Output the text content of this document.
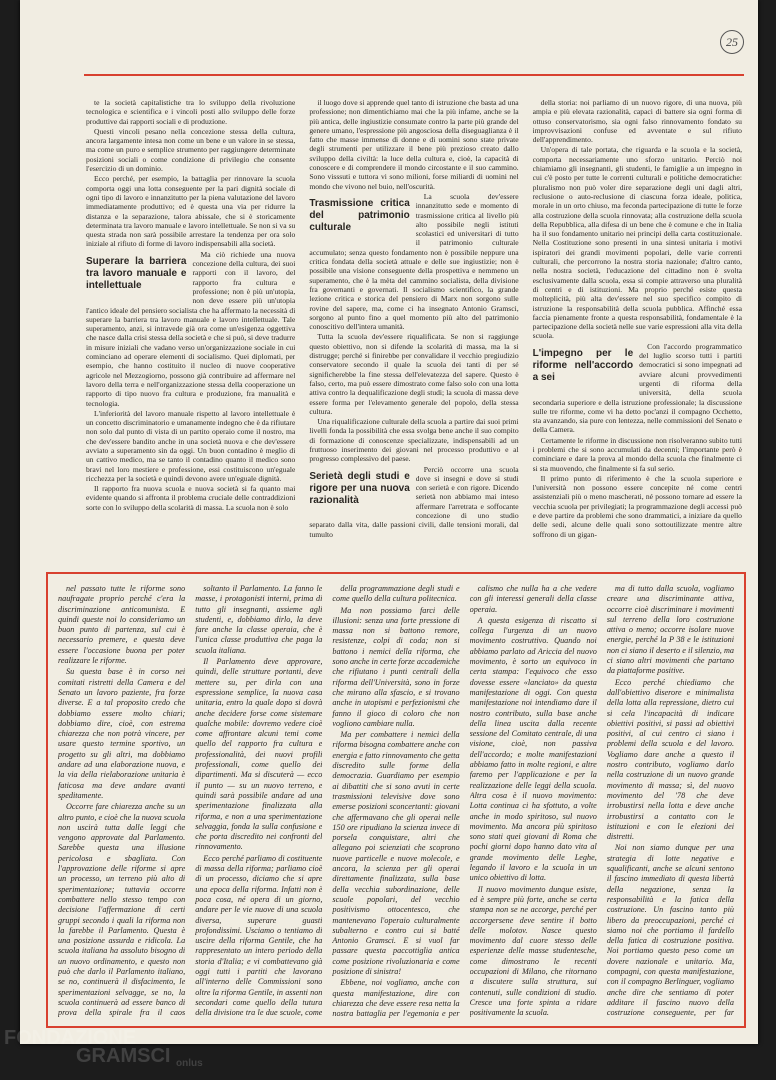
25

te la società capitalistiche tra lo sviluppo della rivoluzione tecnologica e scientifica e i vincoli posti allo sviluppo delle forze produttive dai rapporti sociali e di produzione.

Questi vincoli pesano nella concezione stessa della cultura, ancora largamente intesa non come un bene e un valore in se stessa, ma come un puro e semplice strumento per raggiungere determinate posizioni sociali o come condizione di privilegio che consente l'esercizio di un dominio.

Ecco perché, per esempio, la battaglia per rinnovare la scuola comporta oggi una lotta conseguente per la pari dignità sociale di ogni tipo di lavoro e innanzitutto per la piena valutazione del lavoro immediatamente produttivo; ed è questa una via per ridurre la distanza e la separazione, talora abissale, che si è storicamente determinata tra lavoro manuale e lavoro intellettuale. Se non si va su questa strada non sarà possibile arrestare la tendenza per ora solo iniziale al rifiuto di forme di lavoro indispensabili alla società.

Superare la barriera tra lavoro manuale e intellettuale

Ma ciò richiede una nuova concezione della cultura, dei suoi rapporti con il lavoro, del rapporto fra cultura e professione; non è più un'utopia, non deve essere più un'utopia l'antico ideale del pensiero socialista che ha affermato la necessità di superare la barriera tra lavoro manuale e lavoro intellettuale. Tale superamento, anzi, si intravede già ora come un'esigenza oggettiva che nasce dalla crisi stessa della società e che si può, si deve tradurre in misure iniziali che vadano verso un'organizzazione sociale in cui cominciano ad operare elementi di socialismo. Quei diplomati, per esempio, che hanno costituito il nucleo di nuove cooperative agricole nel Mezzogiorno, possono già contribuire ad affermare nel lavoro della terra e nell'organizzazione stessa della cooperazione un rapporto di tipo nuovo fra cultura e produzione, fra manualità e tecnologia.

L'inferiorità del lavoro manuale rispetto al lavoro intellettuale è un concetto discriminatorio e umanamente indegno che è da rifiutare non solo dal punto di vista di un partito operaio come il nostro, ma che dev'essere bandito anche in una società nuova e che dev'essere avviato a superamento sin da oggi. Un buon contadino è meglio di un cattivo medico, ma se tanto il contadino quanto il medico sono bravi nel loro mestiere e professione, essi costituiscono un'eguale ricchezza per la società e quindi devono avere un'eguale dignità.

Il rapporto fra nuova scuola e nuova società si fa quanto mai evidente quando si affronta il problema cruciale delle contraddizioni sorte con lo sviluppo della scolarità di massa. La scuola non è solo

il luogo dove si apprende quel tanto di istruzione che basta ad una professione; non dimentichiamo mai che la più infame, anche se la più antica, delle ingiustizie consumate contro la parte più grande del genere umano, l'espressione più angosciosa della diseguaglianza è il fatto che masse immense di donne e di uomini sono state private degli strumenti per utilizzare il bene più prezioso creato dallo sviluppo della civiltà: la luce della cultura e, cioè, la capacità di conoscere e di comprendere il mondo circostante e il suo cammino. Sono visssuti e tuttora vi sono milioni, forse miliardi di uomini nel mondo che vivono nel buio, nell'oscurità.

Trasmissione critica del patrimonio culturale

La scuola dev'essere innanzitutto sede e momento di trasmissione critica al livello più alto possibile negli istituti scolastici ed universitari di tutto il patrimonio culturale accumulato; senza questo fondamento non è possibile neppure una critica fondata della società attuale e delle sue ingiustizie; non è possibile una visione conseguente della prospettiva e nemmeno un superamento, che è la mèta del cammino socialista, della divisione fra governanti e governati. Il socialismo scientifico, la grande lezione critica e storica del pensiero di Marx non sorgono sulle rovine del sapere, ma, come ci ha insegnato Antonio Gramsci, sorgono al punto fino a quel momento più alto del patrimonio conoscitivo dell'intera umanità.

Tutta la scuola dev'essere riqualificata. Se non si raggiunge questo obiettivo, non si difende la scolarità di massa, ma la si distrugge; perché si finirebbe per convalidare il vecchio pregiudizio conservatore secondo il quale la scuola dei tanti di per sé significherebbe la fine stessa dell'elevatezza del sapere. Questo è falso, certo, ma può essere dimostrato come falso solo con una lotta attiva contro la dequalificazione degli studi; la scuola di massa deve essere forma per l'elevamento generale del popolo, della stessa cultura.

Una riqualificazione culturale della scuola a partire dai suoi primi livelli fonda la possibilità che essa svolga bene anche il suo compito di formazione di conoscenze specializzate, indispensabili ad un fruttuoso inserimento dei giovani nel processo produttivo e al progresso complessivo del paese.

Serietà degli studi e rigore per una nuova razionalità

Perciò occorre una scuola dove si insegni e dove si studi con serietà e con rigore. Dicendo serietà non abbiamo mai inteso affermare l'arretrata e soffocante concezione di uno studio separato dalla vita, dalle passioni civili, dalle tensioni morali, dal tumulto

della storia: noi parliamo di un nuovo rigore, di una nuova, più ampia e più elevata razionalità, capaci di battere sia ogni forma di ottuso conservatorismo, sia ogni falso rinnovamento fondato su improvvisazioni confuse ed avventate e sul rifiuto dell'apprendimento.

Un'opera di tale portata, che riguarda e la scuola e la società, comporta necessariamente uno sforzo unitario. Perciò noi chiamiamo gli insegnanti, gli studenti, le famiglie a un impegno in cui c'è posto per tutte le correnti culturali e politiche democratiche: pluralismo non può voler dire separazione degli uni dagli altri, reclusione o auto-reclusione di ciascuna forza ideale, politica, morale in un orto chiuso, ma feconda partecipazione di tutte le forze alla costruzione della scuola rinnovata; alla costruzione della scuola della Repubblica, alla difesa di un bene che è comune e che in Italia ha il suo fondamento unitario nei principi della carta costituzionale. Nella Costituzione sono presenti in una sintesi unitaria i motivi ispiratori dei grandi movimenti popolari, delle varie correnti culturali, che percorrono la nostra storia nazionale; d'altro canto, nella nostra società, l'educazione del cittadino non è svolta esclusivamente dalla scuola, essa si compie attraverso una pluralità di centri e di istituzioni. Ma proprio perché esiste questa molteplicità, più alta dev'essere nel suo specifico compito di istruzione la responsabilità della scuola pubblica. Affinché essa faccia pienamente fronte a questa responsabilità, fondamentale è la partecipazione della società nelle sue varie espressioni alla vita della scuola.

L'impegno per le riforme nell'accordo a sei

Con l'accordo programmatico del luglio scorso tutti i partiti democratici si sono impegnati ad avviare alcuni provvedimenti urgenti di riforma della università, della scuola secondaria superiore e della istruzione professionale; la discussione sulle tre riforme, come vi ha detto poc'anzi il compagno Occhetto, sta avanzando, sia pure con lentezza, nelle commissioni del Senato e della Camera.

Certamente le riforme in discussione non risolveranno subito tutti i problemi che si sono accumulati da decenni; l'importante però è cominciare e dare la prova al mondo della scuola che finalmente ci si sta muovendo, che finalmente si fa sul serio.

Il primo punto di riferimento è che la scuola superiore e l'università non possono essere concepite né come centri assistenziali più o meno mascherati, né possono tornare ad essere la vecchia scuola per privilegiati; la programmazione degli accessi può e deve partire da problemi che sono drammatici, a iniziare da quello delle sedi, alcune delle quali sono sottoutilizzate mentre altre soffrono di un gigan-

nel passato tutte le riforme sono naufragate proprio perché c'era la discriminazione anticomunista. E quindi queste noi lo consideriamo un buon punto di partenza, sul cui è necessario premere, e questa deve essere l'occasione buona per poter realizzare le riforme.

Su questa base è in corso nei comitati ristretti della Camera e del Senato un lavoro paziente, fra forze diverse. E a tal proposito credo che dobbiamo essere molto chiari; dobbiamo dire, cioè, con estrema chiarezza che non potrà vincere, per usare questo termine sportivo, un progetto su gli altri, ma dobbiamo andare ad una elaborazione nuova, e la via della rielaborazione unitaria è faticosa ma deve andare avanti speditamente.

Occorre fare chiarezza anche su un altro punto, e cioè che la nuova scuola non uscirà tutta dalle leggi che vengono approvate dal Parlamento. Sarebbe questa una illusione pericolosa e sbagliata. Con l'approvazione delle riforme si apre un processo, un terreno più alto di sperimentazione; tuttavia occorre combattere nello stesso tempo con decisione l'affermazione di certi gruppi secondo i quali la riforma non la farebbe il Parlamento. Questa è una posizione assurda e ridicola. La scuola italiana ha assoluto bisogno di un nuovo ordinamento, e questo non può che darlo il Parlamento italiano, se no, continuerà il disfacimento, le sperimentazioni selvagge, se no, la scuola continuerà ad essere banco di prova della spirale fra il caos

soltanto il Parlamento. La fanno le masse, i protagonisti interni, prima di tutto gli insegnanti, assieme agli studenti, e, dobbiamo dirlo, la deve fare anche la classe operaia, che è l'unica classe produttiva che paga la scuola italiana.

Il Parlamento deve approvare, quindi, delle strutture portanti, deve mettere su, per dirla con una espressione semplice, la nuova casa unitaria, entro la quale dopo si dovrà anche decidere forse come sistemare qualche mobile: dovremo vedere cioè come affrontare alcuni temi come quello del rapporto fra cultura e professionalità, dei nuovi profili professionali, come quello dei dipartimenti. Ma si discuterà — ecco il punto — su un nuovo terreno, e quindi sarà possibile andare ad una sperimentazione finalizzata alla riforma, e non a una sperimentazione selvaggia, fonda la sulla confusione e che porta discredito nei confronti del rinnovamento.

Ecco perché parliamo di costituente di massa della riforma; parliamo cioè di un processo, diciamo che si apre una epoca della riforma. Infatti non è poca cosa, né opera di un giorno, andare per le vie nuove di una scuola diversa, superare guasti profondissimi. Usciamo o tentiamo di uscire della riforma Gentile, che ha rappresentato un intero periodo della storia d'Italia; e vi combattevano già oggi tutti i partiti che lavorano all'interno delle Commissioni sono oltre la riforma Gentile, in assenti non secondari come quello della tutura della divisione tra le due scuole, come

della programmazione degli studi e come quello della cultura politecnica.

Ma non possiamo farci delle illusioni: senza una forte pressione di massa non si battono remore, resistenze, colpi di coda; non si battono i nemici della riforma, che sono anche in certe forze accademiche che rifiutano i punti centrali della riforma dell'Università, sono in forze che mirano alla sfascio, e si trovano anche in utopismi e perfezionismi che fanno il gioco di coloro che non vogliono cambiare nulla.

Ma per combattere i nemici della riforma bisogna combattere anche con energia e fatto rinnovamento che getta discredito sulle forme della democrazia. Guardiamo per esempio ai dibattiti che si sono avuti in certe trasmissioni televisive dove sono emerse posizioni sconcertanti: giovani che affermavano che gli operai nelle 150 ore ripudiano la scienza invece di porsela conquistare, altri che allegano poi scienziati che scoprono nuove particelle e nuove molecole, e ancora, la scienza per gli operai direttamente finalizzata, sulla base della vecchia subordinazione, delle scuole popolari, del vecchio positivismo ottocentesco, che mantenevano l'operaio culturalmente subalterno e contro cui si batté Antonio Gramsci. E si vuol far passare questa paccottiglia antica come posizione rivoluzionaria e come posizione di sinistra!

Ebbene, noi vogliamo, anche con questa manifestazione, dire con chiarezza che deve essere resa netta la nostra battaglia per l'egemonia e per

calismo che nulla ha a che vedere con gli interessi generali della classe operaia.

A questa esigenza di riscatto si collega l'urgenza di un nuovo movimento costruttivo. Quando noi abbiamo parlato ad Ariccia del nuovo movimento, è sorto un equivoco in certa stampa: l'equivoco che esso dovesse essere «lanciato» da questa manifestazione di oggi. Con questa manifestazione noi intendiamo dare il nostro contributo, sulla base anche della linea uscita dalla recente sessione del Comitato centrale, di una visione, cioè, non passiva dell'accordo; e molte manifestazioni abbiamo fatto in molte regioni, e altre faremo per l'applicazione e per la realizzazione delle leggi della scuola. Altra cosa è il nuovo movimento: Lotta continua ci ha sfottuto, a volte anche in modo spiritoso, sul nuovo movimento. Ma ancora più spiritoso sono stati quei giovani di Roma che pochi giorni dopo hanno dato vita al grande movimento delle Leghe, legando il lavoro e la scuola in un unico obiettivo di lotta.

Il nuovo movimento dunque esiste, ed è sempre più forte, anche se certa stampa non se ne accorge, perché per accorgersene deve sentire il botto delle molotov. Nasce questo movimento dal cuore stesso delle esperienze delle masse studentesche, come dimostrano le recenti occupazioni di Milano, che ritornano a discutere sulla struttura, sui contenuti, sulle condizioni di studio. Cresce una forte spinta a ridare positivamente la scuola.

ma di tutto dalla scuola, vogliamo creare una discriminante attiva, occorre cioè discriminare i movimenti sul terreno della loro costruzione attiva o meno; occorre isolare nuove energie, perché la P 38 e le istituzioni non ci siano il deserto e il silenzio, ma ci siano altri movimenti che partano da piattaforme positive.

Ecco perché chiediamo che dall'obiettivo diserore e minimalista della lotta alla repressione, dietro cui si cela l'incapacità di indicare obiettivi positivi, si passi ad obiettivi positivi, al cui centro ci siano i problemi della scuola e del lavoro. Vogliamo dare anche a questo il nostro contributo, vogliamo darlo nella costruzione di un nuovo grande movimento di massa; sì, del nuovo movimento del '78 che deve irrobustirsi nella lotta e deve anche irrobustirsi a contatto con le istituzioni e con le elezioni dei distretti.

Noi non siamo dunque per una strategia di lotte negative e squalificanti, anche se alcuni sentono il fascino immediato di questa libertà della negazione, senza la responsabilità e la fatica della costruzione. Un fascino tanto più libero da preoccupazioni, perché ci siamo noi che portiamo il fardello della fatica di costruzione positiva. Noi portiamo questo peso come un dovere nazionale e unitario. Ma, compagni, con questa manifestazione, con il compagno Berlinguer, vogliamo anche dire che sentiamo di poter additare il fascino nuovo della costruzione conseguente, per far

FONDAZIONE
GRAMSCI onlus
